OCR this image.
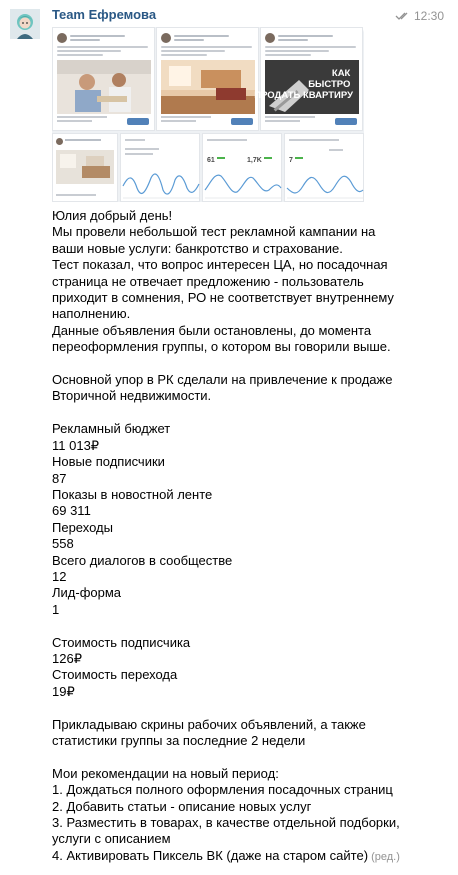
Team Ефремова	12:30
КАК БЫСТРО ПРОДАТЬ КВАРТИРУ
61	1,7K	7

Юлия добрый день!

Мы провели небольшой тест рекламной кампании на

ваши новые услуги: банкротство и страхование.

Тест показал, что вопрос интересен ЦА, но посадочная

страница не отвечает предложению - пользователь

приходит в сомнения, РО не соответствует внутреннему

наполнению.

Данные объявления были остановлены, до момента

переоформления группы, о котором вы говорили выше.

Основной упор в РК сделали на привлечение к продаже

Вторичной недвижимости.

Рекламный бюджет

11 013₽

Новые подписчики

87

Показы в новостной ленте

69 311

Переходы

558

Всего диалогов в сообществе

12

Лид-форма

1

Стоимость подписчика

126₽

Стоимость перехода

19₽

Прикладываю скрины рабочих объявлений, а также

статистики группы за последние 2 недели

Мои рекомендации на новый период:

1. Дождаться полного оформления посадочных страниц

2. Добавить статьи - описание новых услуг

3. Разместить в товарах, в качестве отдельной подборки,

услуги с описанием

4. Активировать Пиксель ВК (даже на старом сайте) (ред.)
